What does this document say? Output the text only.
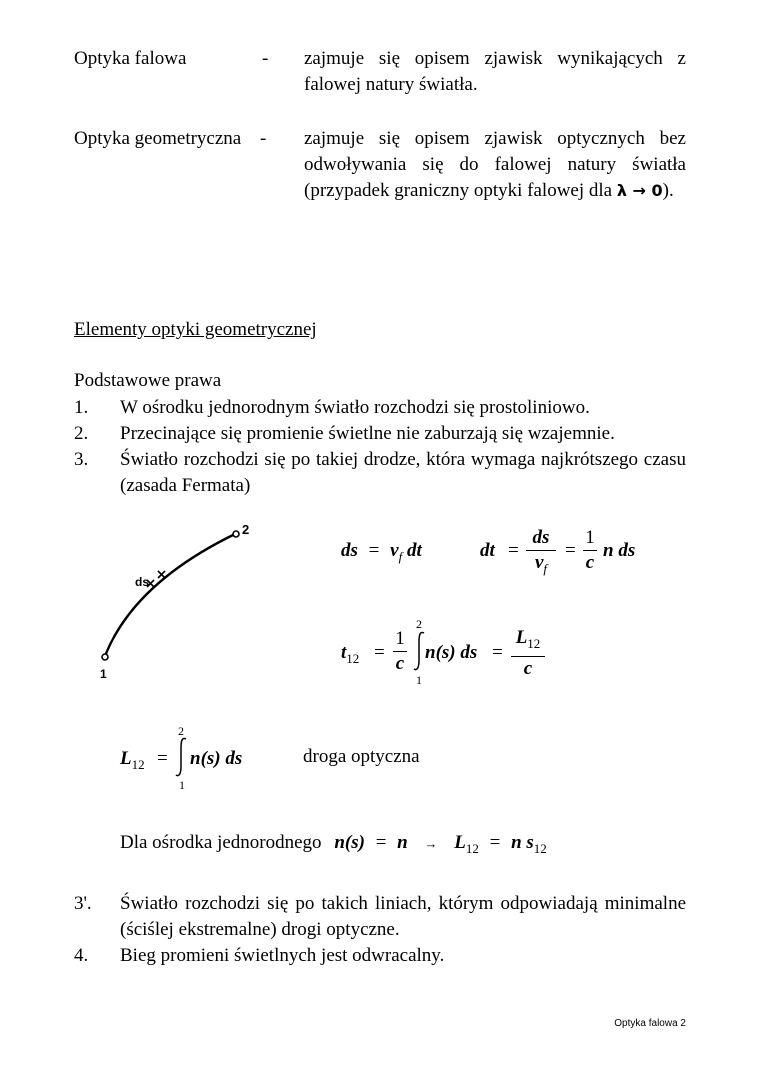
Optyka falowa	- zajmuje się opisem zjawisk wynikających z falowej natury światła.
Optyka geometryczna - zajmuje się opisem zjawisk optycznych bez odwoływania się do falowej natury światła (przypadek graniczny optyki falowej dla λ → 0).
Elementy optyki geometrycznej
Podstawowe prawa
1. W ośrodku jednorodnym światło rozchodzi się prostoliniowo.
2. Przecinające się promienie świetlne nie zaburzają się wzajemnie.
3. Światło rozchodzi się po takiej drodze, która wymaga najkrótszego czasu (zasada Fermata)
1
2
ds
ds = $v_f$ dt	dt =
ds
$v_f$
=
1
c
n ds
$t_{12}$ =
1
c
2
1
n(s) ds =
$L_{12}$
c
$L_{12}$ =
2
1
n(s) ds	droga optyczna
Dla ośrodka jednorodnego $n(s) = n \to L_{12} = n$ $s_{12}$
3'. Światło rozchodzi się po takich liniach, którym odpowiadają minimalne (ściślej ekstremalne) drogi optyczne.
4. Bieg promieni świetlnych jest odwracalny.
Optyka falowa 2
